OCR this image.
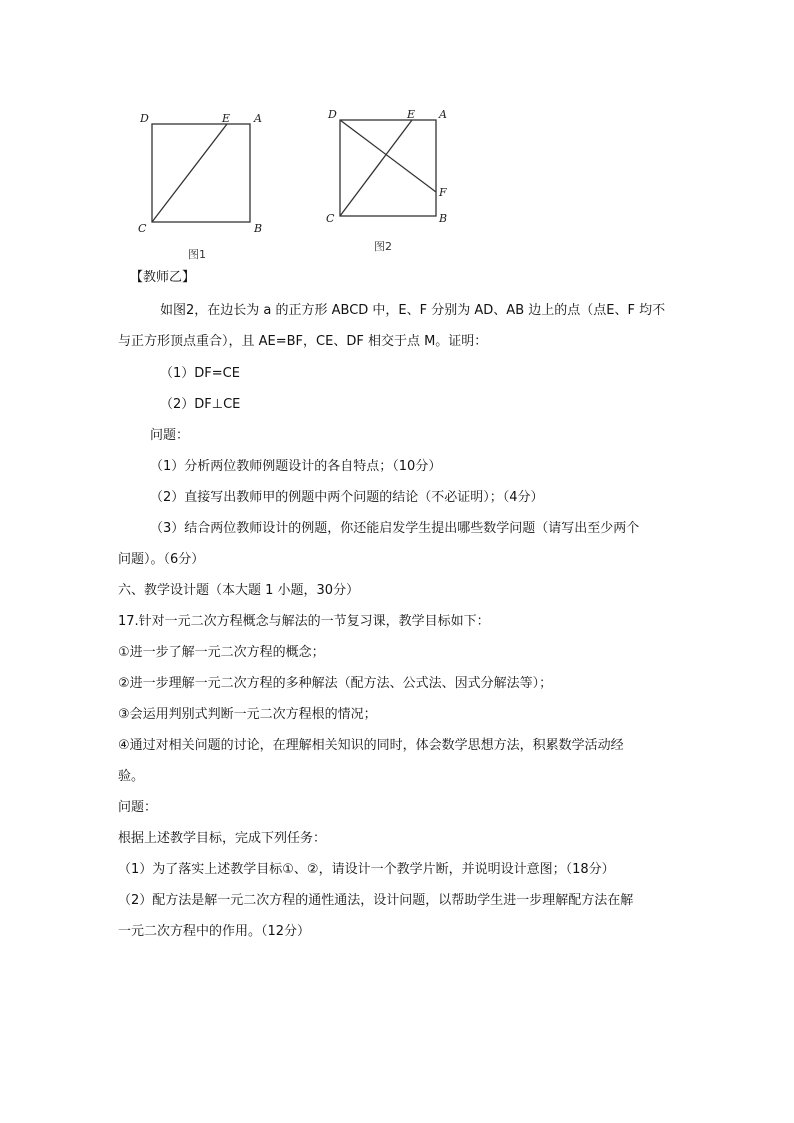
D	E A
C	B
图1
D	E A
F
C	B
图2
【教师乙】
如图2，在边长为 a 的正方形 ABCD 中，E、F 分别为 AD、AB 边上的点（点E、F 均不
与正方形顶点重合），且 AE=BF，CE、DF 相交于点 M。证明：
（1）DF=CE
（2）DF⊥CE
问题：
（1）分析两位教师例题设计的各自特点；（10分）
（2）直接写出教师甲的例题中两个问题的结论（不必证明）；（4分）
（3）结合两位教师设计的例题，你还能启发学生提出哪些数学问题（请写出至少两个
问题）。（6分）
六、教学设计题（本大题 1 小题，30分）
17.针对一元二次方程概念与解法的一节复习课，教学目标如下：
①进一步了解一元二次方程的概念；
②进一步理解一元二次方程的多种解法（配方法、公式法、因式分解法等）；
③会运用判别式判断一元二次方程根的情况；
④通过对相关问题的讨论，在理解相关知识的同时，体会数学思想方法，积累数学活动经
验。
问题：
根据上述教学目标，完成下列任务：
（1）为了落实上述教学目标①、②，请设计一个教学片断，并说明设计意图；（18分）
（2）配方法是解一元二次方程的通性通法，设计问题，以帮助学生进一步理解配方法在解
一元二次方程中的作用。（12分）
